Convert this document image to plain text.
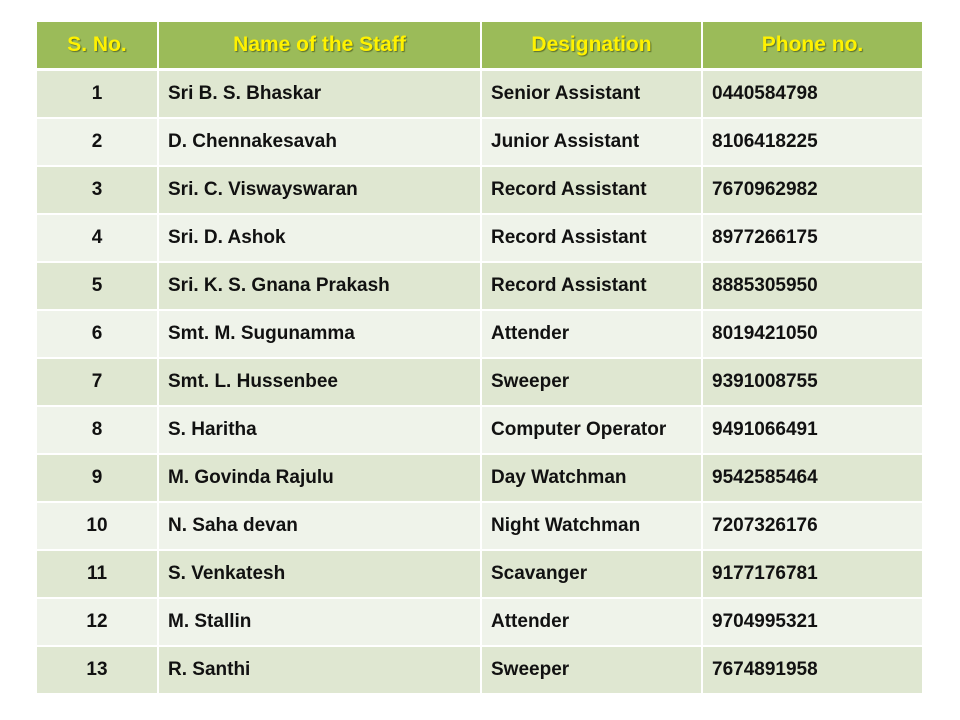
S. No.	Name of the Staff	Designation	Phone no.
1	Sri B. S. Bhaskar	Senior Assistant	0440584798
2	D. Chennakesavah	Junior Assistant	8106418225
3	Sri. C. Viswayswaran	Record Assistant	7670962982
4	Sri. D. Ashok	Record Assistant	8977266175
5	Sri. K. S. Gnana Prakash	Record Assistant	8885305950
6	Smt. M. Sugunamma	Attender	8019421050
7	Smt. L. Hussenbee	Sweeper	9391008755
8	S. Haritha	Computer Operator	9491066491
9	M. Govinda Rajulu	Day Watchman	9542585464
10	N. Saha devan	Night Watchman	7207326176
11	S. Venkatesh	Scavanger	9177176781
12	M. Stallin	Attender	9704995321
13	R. Santhi	Sweeper	7674891958
